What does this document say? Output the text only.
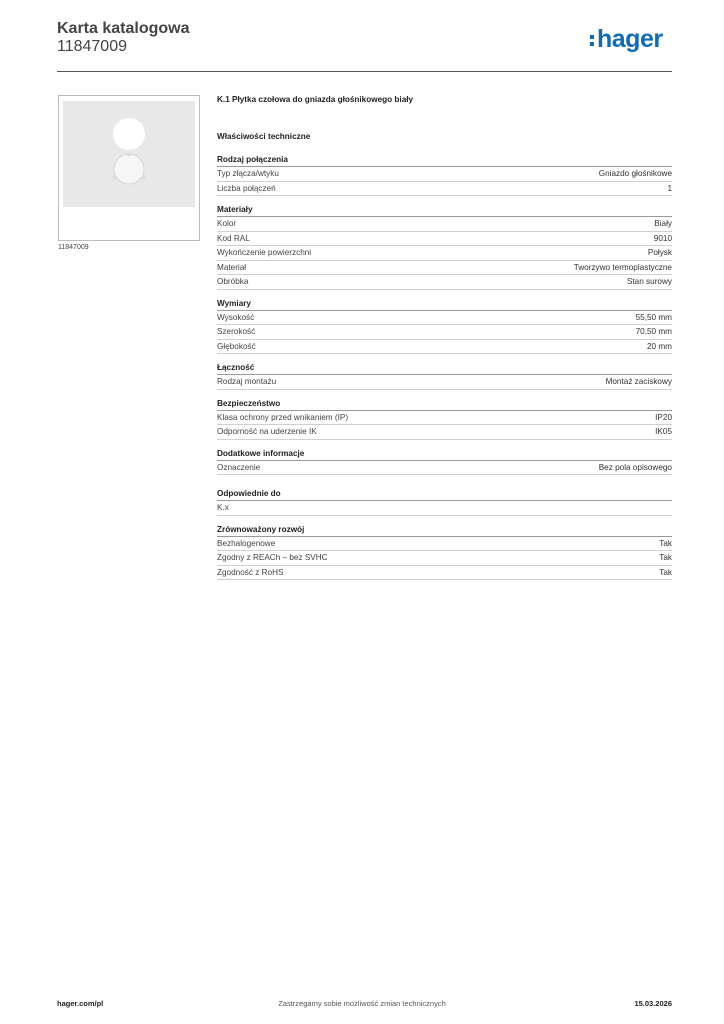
Karta katalogowa
11847009	hager
11847009
K.1 Płytka czołowa do gniazda głośnikowego biały
Właściwości techniczne
Rodzaj połączenia
Typ złącza/wtyku	Gniazdo głośnikowe
Liczba połączeń	1
Materiały
Kolor	Biały
Kod RAL	9010
Wykończenie powierzchni	Połysk
Materiał	Tworzywo termoplastyczne
Obróbka	Stan surowy
Wymiary
Wysokość	55,50 mm
Szerokość	70,50 mm
Głębokość	20 mm
Łączność
Rodzaj montażu	Montaż zaciskowy
Bezpieczeństwo
Klasa ochrony przed wnikaniem (IP)	IP20
Odporność na uderzenie IK	IK05
Dodatkowe informacje
Oznaczenie	Bez pola opisowego
Odpowiednie do
K.x
Zrównoważony rozwój
Bezhalogenowe	Tak
Zgodny z REACh – bez SVHC	Tak
Zgodność z RoHS	Tak
hager.com/pl	Zastrzegamy sobie możliwość zmian technicznych	15.03.2026
